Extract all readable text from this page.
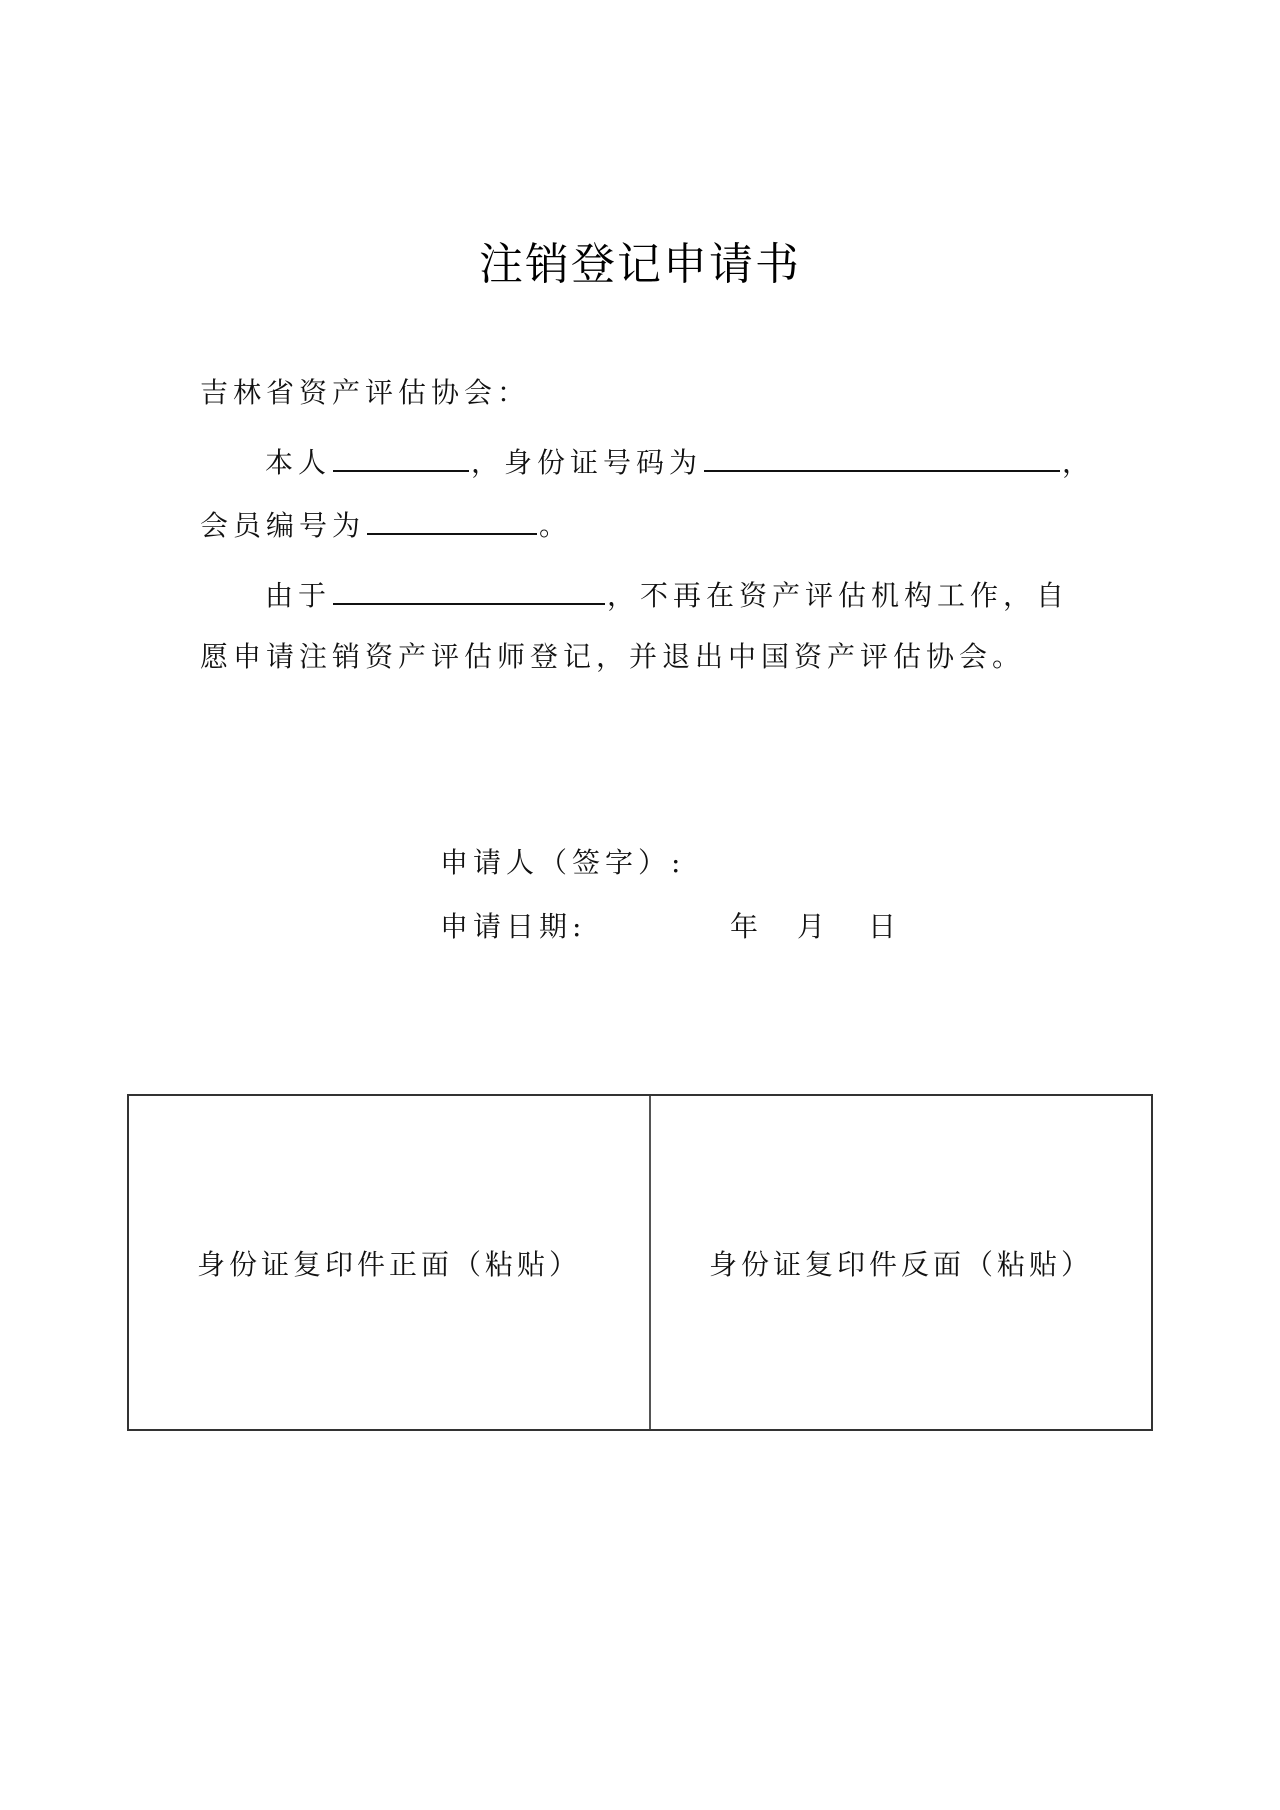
注销登记申请书
吉林省资产评估协会：
本人	，身份证号码为	，
会员编号为	。
由于	，不再在资产评估机构工作，自
愿申请注销资产评估师登记，并退出中国资产评估协会。
申请人（签字）:
申请日期:	年 月 日
身份证复印件正面（粘贴）	身份证复印件反面（粘贴）
